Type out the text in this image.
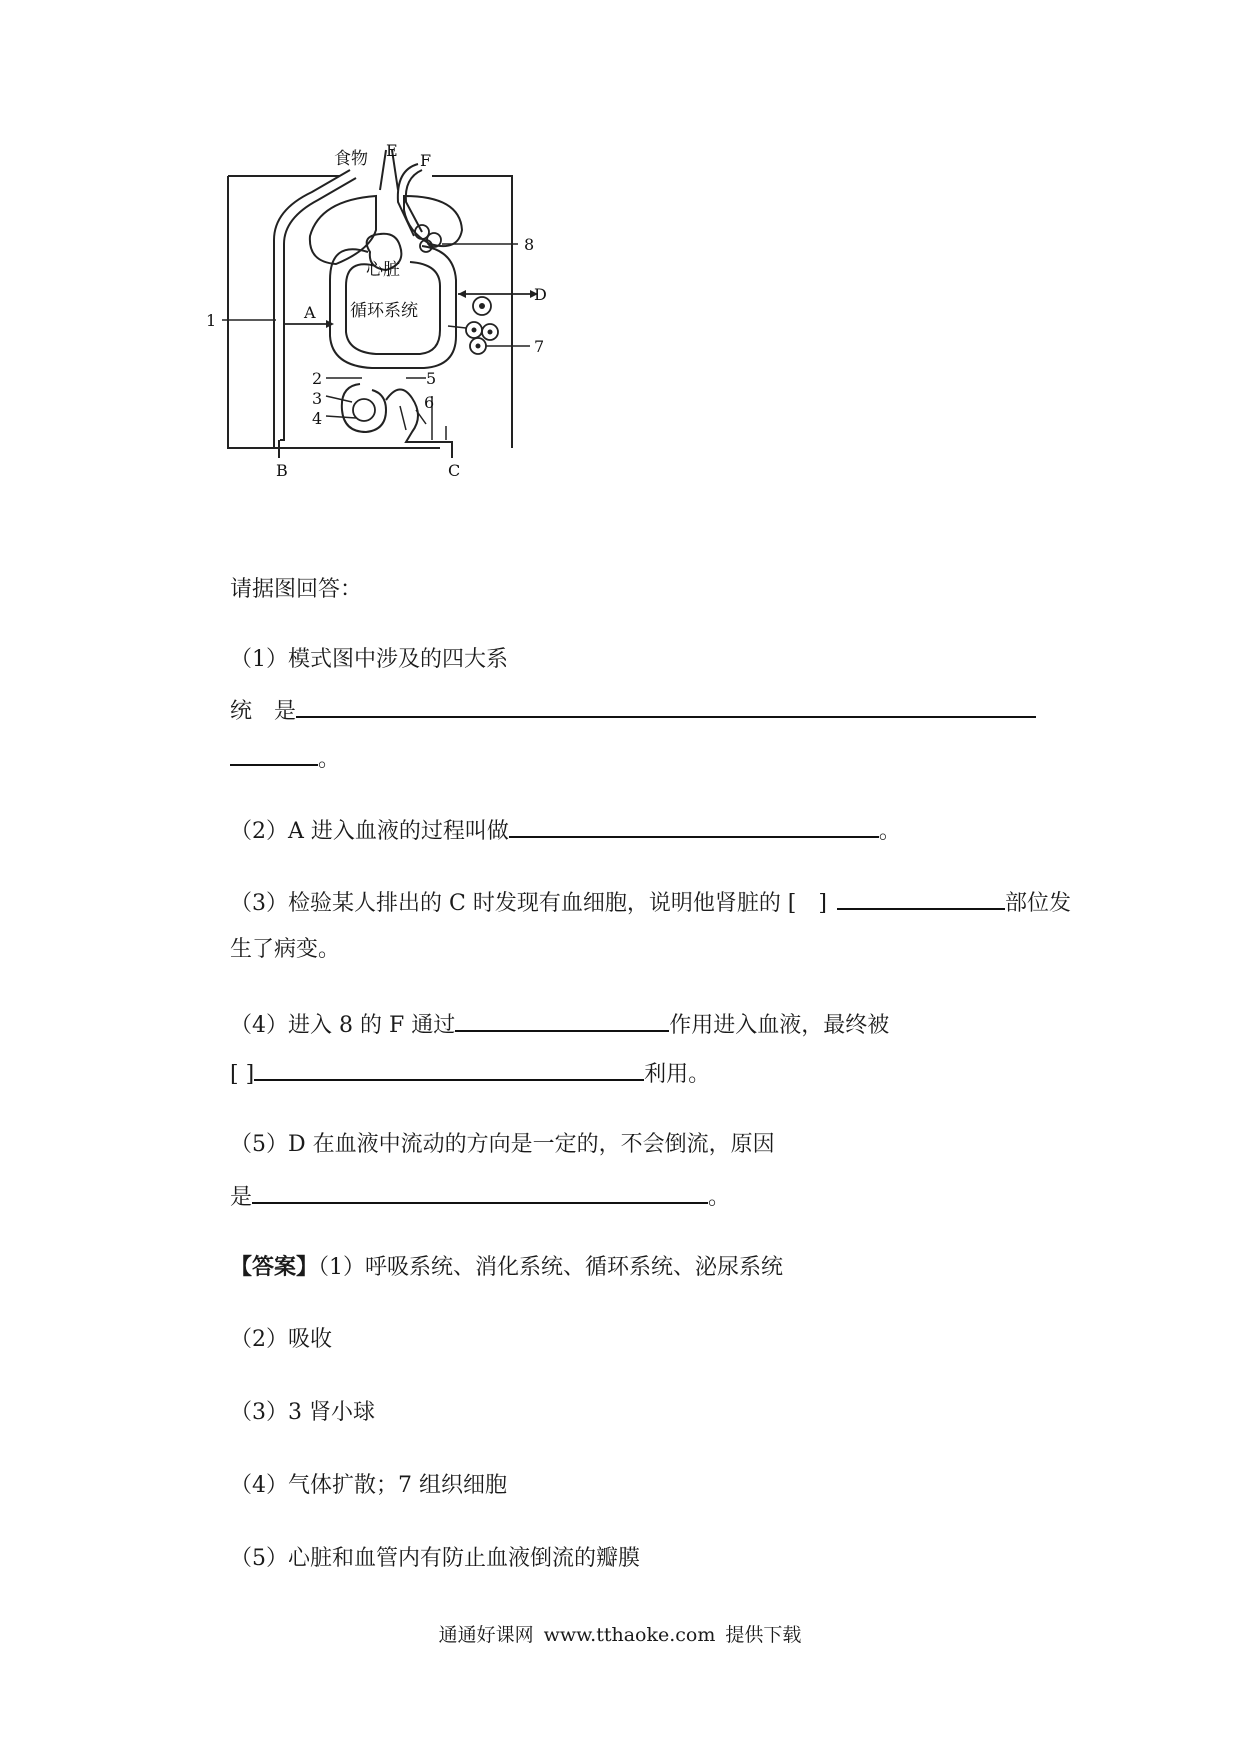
食物 E
F
8
心脏
D
循环系统
1	A
7
2
3
4
5
6
B	C
请据图回答：
（1）模式图中涉及的四大系
统　是
。
（2）A 进入血液的过程叫做	。
（3）检验某人排出的 C 时发现有血细胞，说明他肾脏的 [　]	部位发
生了病变。
（4）进入 8 的 F 通过	作用进入血液，最终被
[ ]	利用。
（5）D 在血液中流动的方向是一定的，不会倒流，原因
是	。
【答案】（1）呼吸系统、消化系统、循环系统、泌尿系统
（2）吸收
（3）3 肾小球
（4）气体扩散；7 组织细胞
（5）心脏和血管内有防止血液倒流的瓣膜
通通好课网 www.tthaoke.com 提供下载
